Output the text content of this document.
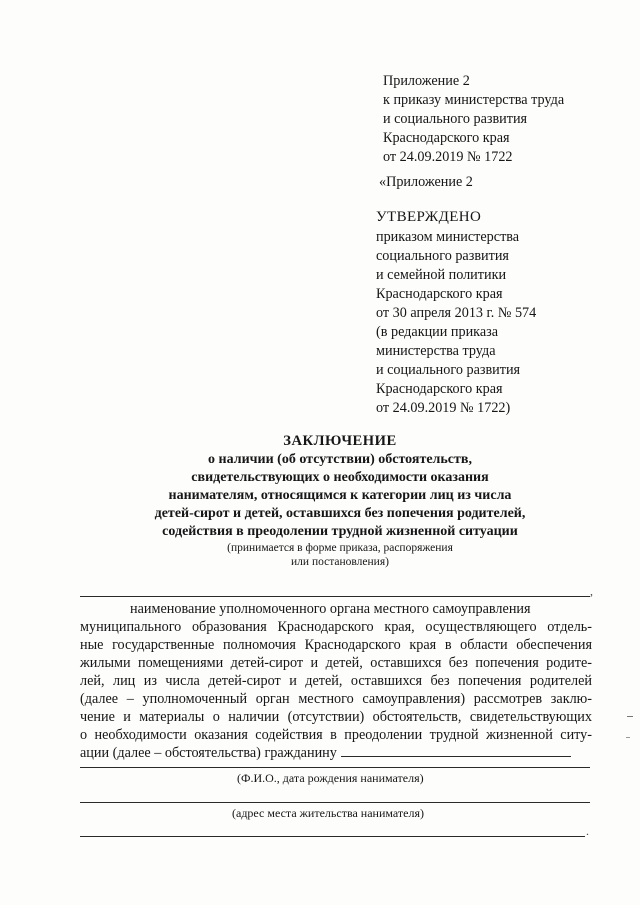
Приложение 2
к приказу министерства труда
и социального развития
Краснодарского края
от 24.09.2019 № 1722
«Приложение 2
УТВЕРЖДЕНО
приказом министерства
социального развития
и семейной политики
Краснодарского края
от 30 апреля 2013 г. № 574
(в редакции приказа
министерства труда
и социального развития
Краснодарского края
от 24.09.2019 № 1722)
ЗАКЛЮЧЕНИЕ
о наличии (об отсутствии) обстоятельств,
свидетельствующих о необходимости оказания
нанимателям, относящимся к категории лиц из числа
детей-сирот и детей, оставшихся без попечения родителей,
содействия в преодолении трудной жизненной ситуации
(принимается в форме приказа, распоряжения
или постановления)
,
наименование уполномоченного органа местного самоуправления
муниципального образования Краснодарского края, осуществляющего отдель-
ные государственные полномочия Краснодарского края в области обеспечения
жилыми помещениями детей-сирот и детей, оставшихся без попечения родите-
лей, лиц из числа детей-сирот и детей, оставшихся без попечения родителей
(далее – уполномоченный орган местного самоуправления) рассмотрев заклю-
чение и материалы о наличии (отсутствии) обстоятельств, свидетельствующих
о необходимости оказания содействия в преодолении трудной жизненной ситу-
ации (далее – обстоятельства) гражданину
(Ф.И.О., дата рождения нанимателя)
(адрес места жительства нанимателя)
.
